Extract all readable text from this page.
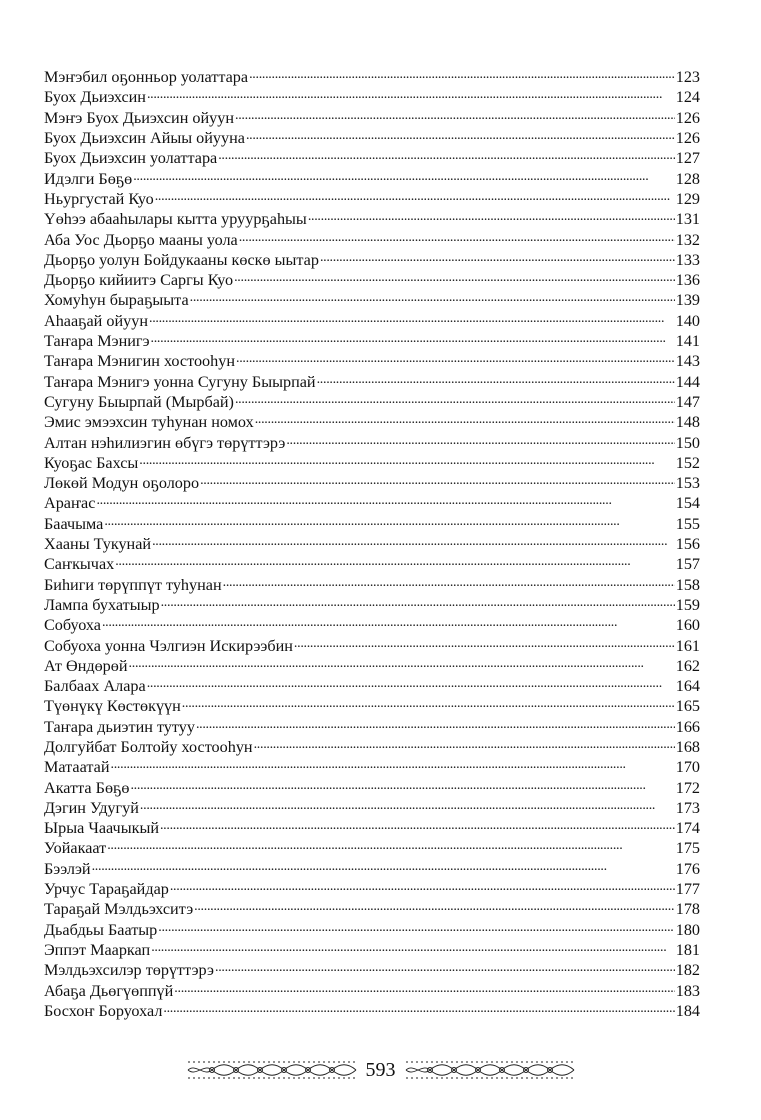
Мэҥэбил оҕонньор уолаттара . . .	123
Буох Дьиэхсин . . .	124
Мэҥэ Буох Дьиэхсин ойуун . . .	126
Буох Дьиэхсин Айыы ойууна . . .	126
Буох Дьиэхсин уолаттара . . .	127
Идэлги Бөҕө . . .	128
Ньургустай Куо . . .	129
Үөһээ абааһылары кытта уруурҕаһыы . . .	131
Аба Уос Дьорҕо мааны уола . . .	132
Дьорҕо уолун Бойдукааны көскө ыытар . . .	133
Дьорҕо кийиитэ Саргы Куо . . .	136
Хомуһун быраҕыыта . . .	139
Аһааҕай ойуун . . .	140
Таҥара Мэнигэ . . .	141
Таҥара Мэнигин хостооһун . . .	143
Таҥара Мэнигэ уонна Сугуну Быырпай . . .	144
Сугуну Быырпай (Мырбай) . . .	147
Эмис эмээхсин туһунан номох . . .	148
Алтан нэһилиэгин өбүгэ төрүттэрэ . . .	150
Куоҕас Бахсы . . .	152
Лөкөй Модун оҕолоро . . .	153
Араҥас . . .	154
Баачыма . . .	155
Хааны Тукунай . . .	156
Саҥкычах . . .	157
Биһиги төрүппүт туһунан . . .	158
Лампа бухатыыр . . .	159
Собуоха . . .	160
Собуоха уонна Чэлгиэн Искирээбин . . .	161
Ат Өндөрөй . . .	162
Балбаах Алара . . .	164
Түөнүкү Көстөкүүн . . .	165
Таҥара дьиэтин тутуу . . .	166
Долгуйбат Болтойу хостооһун . . .	168
Матаатай . . .	170
Акатта Бөҕө . . .	172
Дэгин Удугуй . . .	173
Ырыа Чаачыкый . . .	174
Уойакаат . . .	175
Бээлэй . . .	176
Урчус Тараҕайдар . . .	177
Тараҕай Мэлдьэхситэ . . .	178
Дьабдьы Баатыр . . .	180
Эппэт Мааркап . . .	181
Мэлдьэхсилэр төрүттэрэ . . .	182
Абаҕа Дьөгүөппүй . . .	183
Босхоҥ Боруохал . . .	184
593
